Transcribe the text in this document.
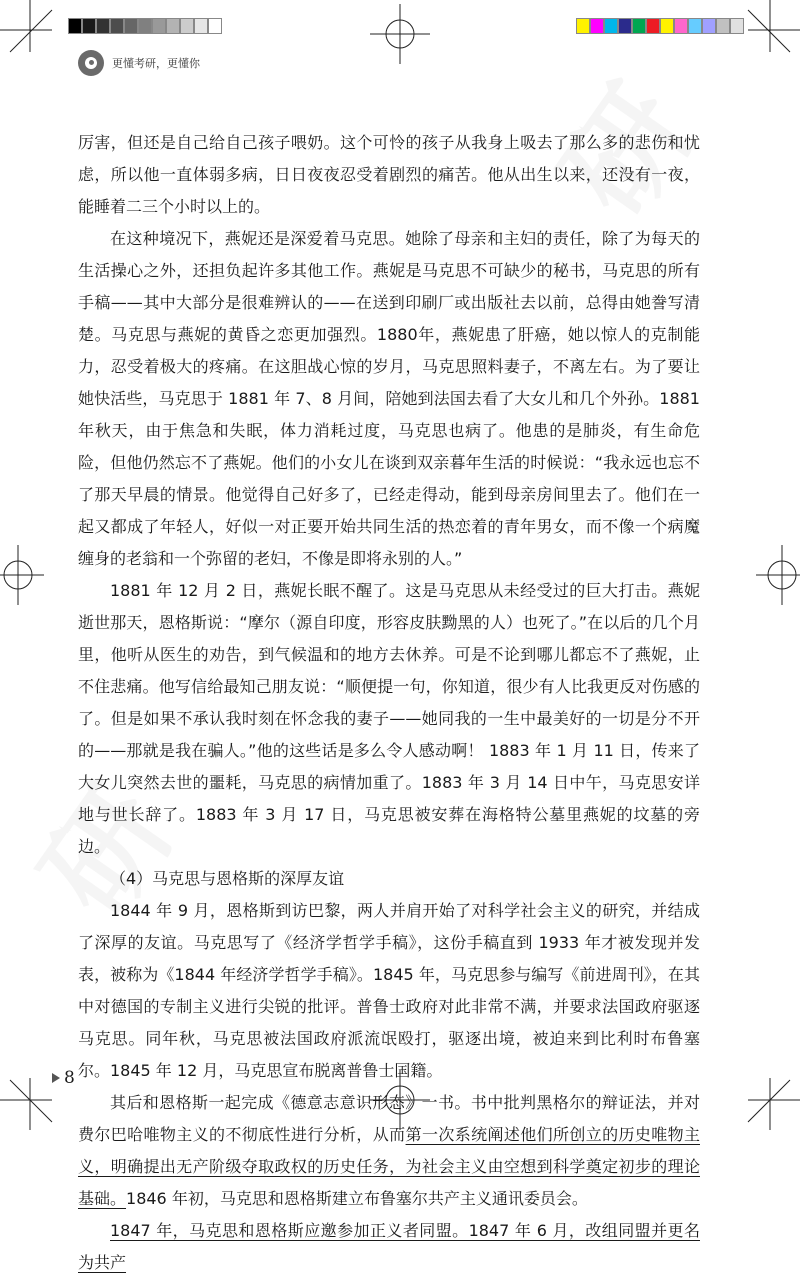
更懂考研，更懂你

厉害，但还是自己给自己孩子喂奶。这个可怜的孩子从我身上吸去了那么多的悲伤和忧虑，所以他一直体弱多病，日日夜夜忍受着剧烈的痛苦。他从出生以来，还没有一夜，能睡着二三个小时以上的。

在这种境况下，燕妮还是深爱着马克思。她除了母亲和主妇的责任，除了为每天的生活操心之外，还担负起许多其他工作。燕妮是马克思不可缺少的秘书，马克思的所有手稿——其中大部分是很难辨认的——在送到印刷厂或出版社去以前，总得由她誊写清楚。马克思与燕妮的黄昏之恋更加强烈。1880年，燕妮患了肝癌，她以惊人的克制能力，忍受着极大的疼痛。在这胆战心惊的岁月，马克思照料妻子，不离左右。为了要让她快活些，马克思于 1881 年 7、8 月间，陪她到法国去看了大女儿和几个外孙。1881 年秋天，由于焦急和失眠，体力消耗过度，马克思也病了。他患的是肺炎，有生命危险，但他仍然忘不了燕妮。他们的小女儿在谈到双亲暮年生活的时候说：“我永远也忘不了那天早晨的情景。他觉得自己好多了，已经走得动，能到母亲房间里去了。他们在一起又都成了年轻人，好似一对正要开始共同生活的热恋着的青年男女，而不像一个病魔缠身的老翁和一个弥留的老妇，不像是即将永别的人。”

1881 年 12 月 2 日，燕妮长眠不醒了。这是马克思从未经受过的巨大打击。燕妮逝世那天，恩格斯说：“摩尔（源自印度，形容皮肤黝黑的人）也死了。”在以后的几个月里，他听从医生的劝告，到气候温和的地方去休养。可是不论到哪儿都忘不了燕妮，止不住悲痛。他写信给最知己朋友说：“顺便提一句，你知道，很少有人比我更反对伤感的了。但是如果不承认我时刻在怀念我的妻子——她同我的一生中最美好的一切是分不开的——那就是我在骗人。”他的这些话是多么令人感动啊！ 1883 年 1 月 11 日，传来了大女儿突然去世的噩耗，马克思的病情加重了。1883 年 3 月 14 日中午，马克思安详地与世长辞了。1883 年 3 月 17 日，马克思被安葬在海格特公墓里燕妮的坟墓的旁边。

（4）马克思与恩格斯的深厚友谊

1844 年 9 月，恩格斯到访巴黎，两人并肩开始了对科学社会主义的研究，并结成了深厚的友谊。马克思写了《经济学哲学手稿》，这份手稿直到 1933 年才被发现并发表，被称为《1844 年经济学哲学手稿》。1845 年，马克思参与编写《前进周刊》，在其中对德国的专制主义进行尖锐的批评。普鲁士政府对此非常不满，并要求法国政府驱逐马克思。同年秋，马克思被法国政府派流氓殴打，驱逐出境，被迫来到比利时布鲁塞尔。1845 年 12 月，马克思宣布脱离普鲁士国籍。

其后和恩格斯一起完成《德意志意识形态》一书。书中批判黑格尔的辩证法，并对费尔巴哈唯物主义的不彻底性进行分析，从而第一次系统阐述他们所创立的历史唯物主义，明确提出无产阶级夺取政权的历史任务，为社会主义由空想到科学奠定初步的理论基础。1846 年初，马克思和恩格斯建立布鲁塞尔共产主义通讯委员会。

1847 年，马克思和恩格斯应邀参加正义者同盟。1847 年 6 月，改组同盟并更名为共产

8
